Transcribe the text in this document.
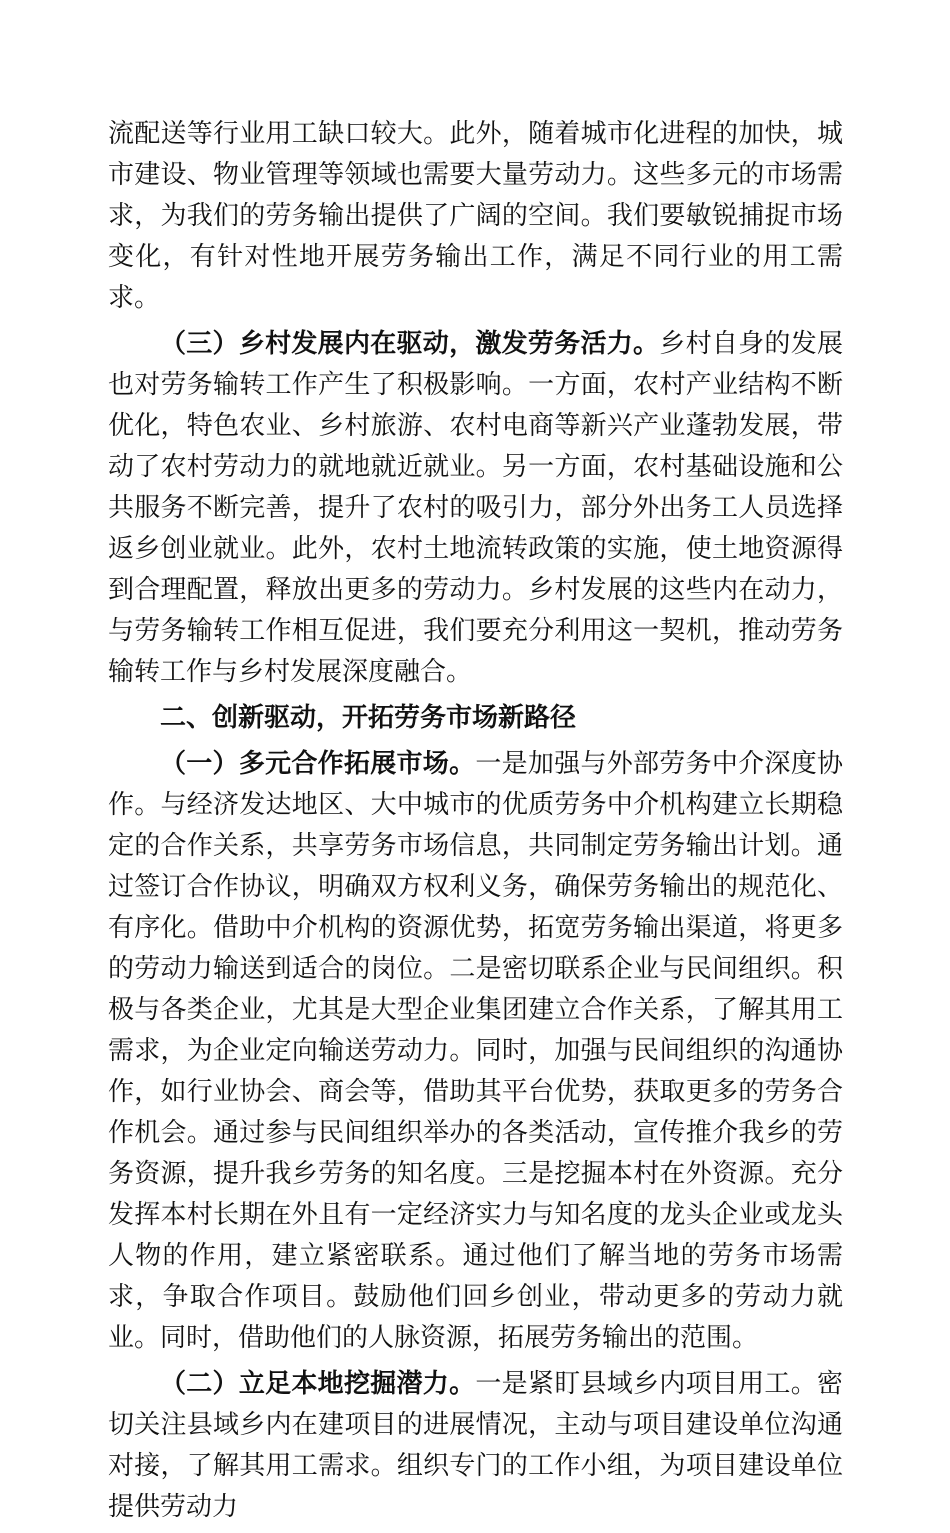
流配送等行业用工缺口较大。此外，随着城市化进程的加快，城市建设、物业管理等领域也需要大量劳动力。这些多元的市场需求，为我们的劳务输出提供了广阔的空间。我们要敏锐捕捉市场变化，有针对性地开展劳务输出工作，满足不同行业的用工需求。

（三）乡村发展内在驱动，激发劳务活力。乡村自身的发展也对劳务输转工作产生了积极影响。一方面，农村产业结构不断优化，特色农业、乡村旅游、农村电商等新兴产业蓬勃发展，带动了农村劳动力的就地就近就业。另一方面，农村基础设施和公共服务不断完善，提升了农村的吸引力，部分外出务工人员选择返乡创业就业。此外，农村土地流转政策的实施，使土地资源得到合理配置，释放出更多的劳动力。乡村发展的这些内在动力，与劳务输转工作相互促进，我们要充分利用这一契机，推动劳务输转工作与乡村发展深度融合。

二、创新驱动，开拓劳务市场新路径

（一）多元合作拓展市场。一是加强与外部劳务中介深度协作。与经济发达地区、大中城市的优质劳务中介机构建立长期稳定的合作关系，共享劳务市场信息，共同制定劳务输出计划。通过签订合作协议，明确双方权利义务，确保劳务输出的规范化、有序化。借助中介机构的资源优势，拓宽劳务输出渠道，将更多的劳动力输送到适合的岗位。二是密切联系企业与民间组织。积极与各类企业，尤其是大型企业集团建立合作关系，了解其用工需求，为企业定向输送劳动力。同时，加强与民间组织的沟通协作，如行业协会、商会等，借助其平台优势，获取更多的劳务合作机会。通过参与民间组织举办的各类活动，宣传推介我乡的劳务资源，提升我乡劳务的知名度。三是挖掘本村在外资源。充分发挥本村长期在外且有一定经济实力与知名度的龙头企业或龙头人物的作用，建立紧密联系。通过他们了解当地的劳务市场需求，争取合作项目。鼓励他们回乡创业，带动更多的劳动力就业。同时，借助他们的人脉资源，拓展劳务输出的范围。

（二）立足本地挖掘潜力。一是紧盯县域乡内项目用工。密切关注县域乡内在建项目的进展情况，主动与项目建设单位沟通对接，了解其用工需求。组织专门的工作小组，为项目建设单位提供劳动力
